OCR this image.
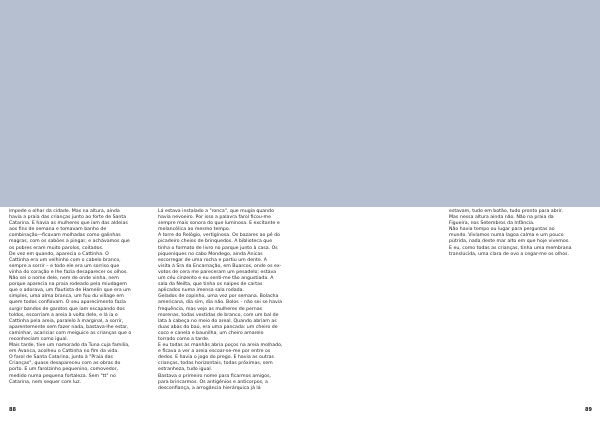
impede o olhar da cidade. Mas na altura, ainda
havia a praia das crianças junto ao forte de Santa
Catarina. E havia as mulheres que iam das aldeias
aos fins de semana e tomavam banho de
combinação—ficavam molhadas como galinhas
magras, com os sabões a pingar, e achávamos que
os pobres eram muito parolos, coitados.
De vez em quando, aparecia o Cattinha. O
Cattinha era um velhinho com o cabelo branco,
sempre a sorrir – e todo ele era um sorriso que
vinha do coração e lhe fazia desaparecer os olhos.
Não sei o nome dele, nem de onde vinha, nem
porque aparecia na praia rodeado pela miudagem
que o adorava, um flautista de Hamelin que era um
simples, uma alma branca, um fou du village em
quem todos confiavam. O seu aparecimento fazia
surgir bandos de garotos que iam escapando dos
toldos, escorriam a areia à volta dele, e lá ia o
Cattinha pela areia, paralelo à marginal, a sorrir,
aparentemente sem fazer nada, bastava-lhe estar,
caminhar, acariciar com meiguice as crianças que o
reconheciam como igual.
Mais tarde, tive um namorado da Tuna cuja família,
em Avanca, acolheu o Cattinha no fim da vida.
O farol de Santa Catarina, junto à "Praia das
Crianças", quase desapareceu com as obras do
porto. E um farolzinho pequenino, comovedor,
medido numa pequena fortaleza. Sem "tt" no
Catarina, nem sequer com luz.
Lá estava instalado a "ronca", que mugia quando
havia nevoeiro. Por isso a palavra farol ficou-me
sempre mais sonora do que luminosa. E excitante e
melancólica ao mesmo tempo.
A torre do Relógio, vertiginosa. Os bazares ao pé do
picadeiro cheios de brinquedos. A biblioteca que
tinha o formato de livro no parque junto à casa. Os
piqueniques no cabo Mondego, ainda Anicas
escorregar de uma rocha e partiu um dente. A
visita à Sra da Encarnação, em Buarcos, onde os ex-
votos de cera me pareceram um pesadelo; estava
um céu cinzento e eu senti-me tão angustiada. A
sala da Neilta, que tinha os naipes de cartas
aplicados numa imensa sala rodada.
Gelados de copinho, uma vez por semana. Bolacha
americana, dia sim, dia não. Bolos – não sei se havia
frequência, mas vejo as mulheres de pernas
morenas, todas vestidas de branco, com um bal de
lata à cabeça no meio do areal. Quando abriam as
duas abas do baú, era uma pancada: um cheiro de
coco e canela e baunilha, um cheiro amarelo
torrado como a tarde.
E eu todas as manhãs abria poços na areia molhado,
e ficava a ver a areia escoar-se-me por entre os
dedos. E havia o jogo do prego. E havia as outras
crianças, todas horizontais, todas próximas, sem
estranheza, tudo igual.
Bastava o primeiro nome para ficarmos amigos,
para brincarmos. Os antigénios e anticorpos, a
desconfiança, a arrogância hierárquica já lá
estavam, tudo em botão, tudo pronto para abrir.
Mas nessa altura ainda não. Não na praia da
Figueira, nos Setembros da Infância.
Não havia tempo ou lugar para perguntas ao
mundo. Vivíamos numa lagoa calma e um pouco
pútrida, nada deste mar alto em que hoje vivemos.
E eu, como todas as crianças, tinha uma membrana
translúcida, uma clara de ovo a cegar-me os olhos.
88	89
